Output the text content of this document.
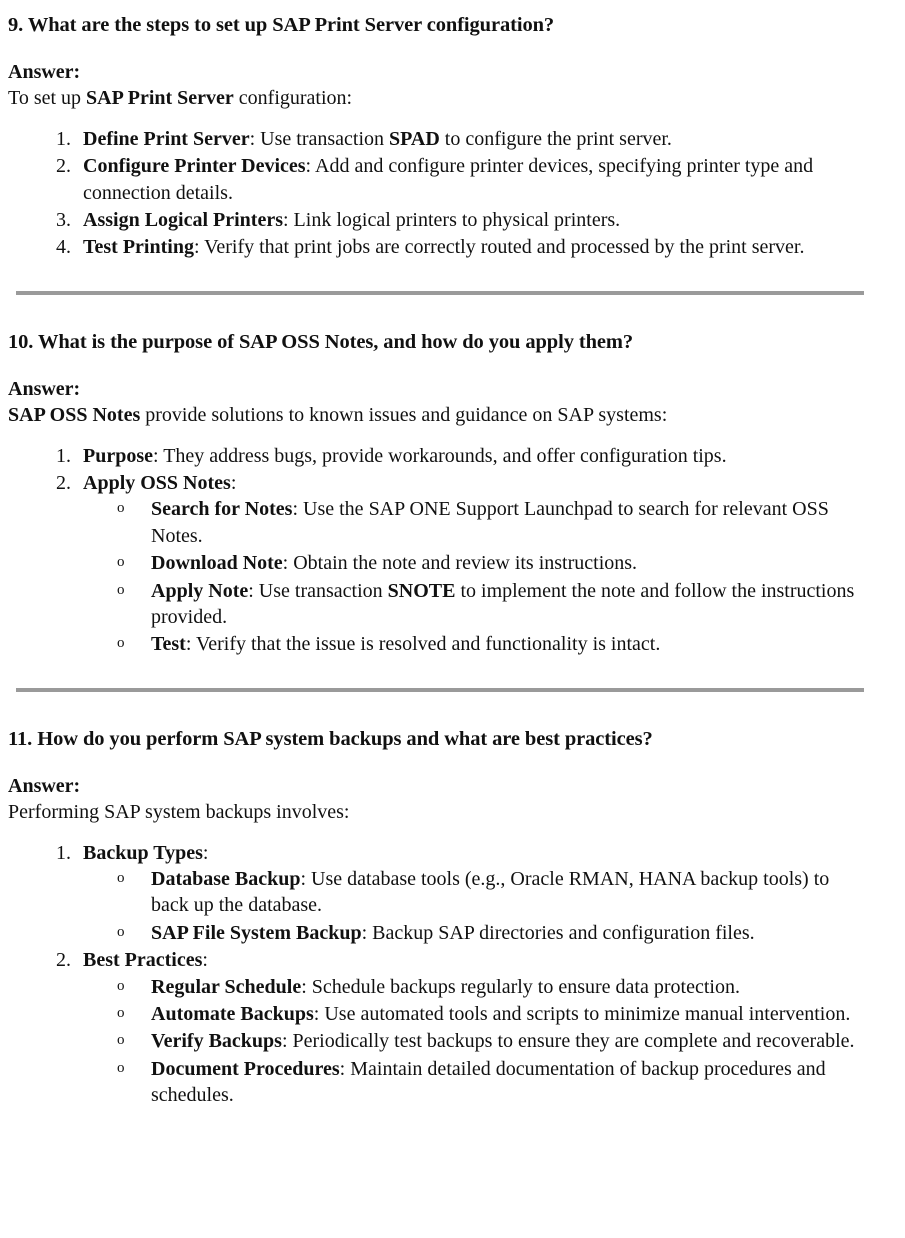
9. What are the steps to set up SAP Print Server configuration?

Answer:

To set up SAP Print Server configuration:

1. Define Print Server: Use transaction SPAD to configure the print server.
2. Configure Printer Devices: Add and configure printer devices, specifying printer type and connection details.
3. Assign Logical Printers: Link logical printers to physical printers.
4. Test Printing: Verify that print jobs are correctly routed and processed by the print server.

10. What is the purpose of SAP OSS Notes, and how do you apply them?

Answer:

SAP OSS Notes provide solutions to known issues and guidance on SAP systems:

1. Purpose: They address bugs, provide workarounds, and offer configuration tips.
2. Apply OSS Notes:
o Search for Notes: Use the SAP ONE Support Launchpad to search for relevant OSS Notes.
o Download Note: Obtain the note and review its instructions.
o Apply Note: Use transaction SNOTE to implement the note and follow the instructions provided.
o Test: Verify that the issue is resolved and functionality is intact.

11. How do you perform SAP system backups and what are best practices?

Answer:

Performing SAP system backups involves:

1. Backup Types:
o Database Backup: Use database tools (e.g., Oracle RMAN, HANA backup tools) to back up the database.
o SAP File System Backup: Backup SAP directories and configuration files.
2. Best Practices:
o Regular Schedule: Schedule backups regularly to ensure data protection.
o Automate Backups: Use automated tools and scripts to minimize manual intervention.
o Verify Backups: Periodically test backups to ensure they are complete and recoverable.
o Document Procedures: Maintain detailed documentation of backup procedures and schedules.
